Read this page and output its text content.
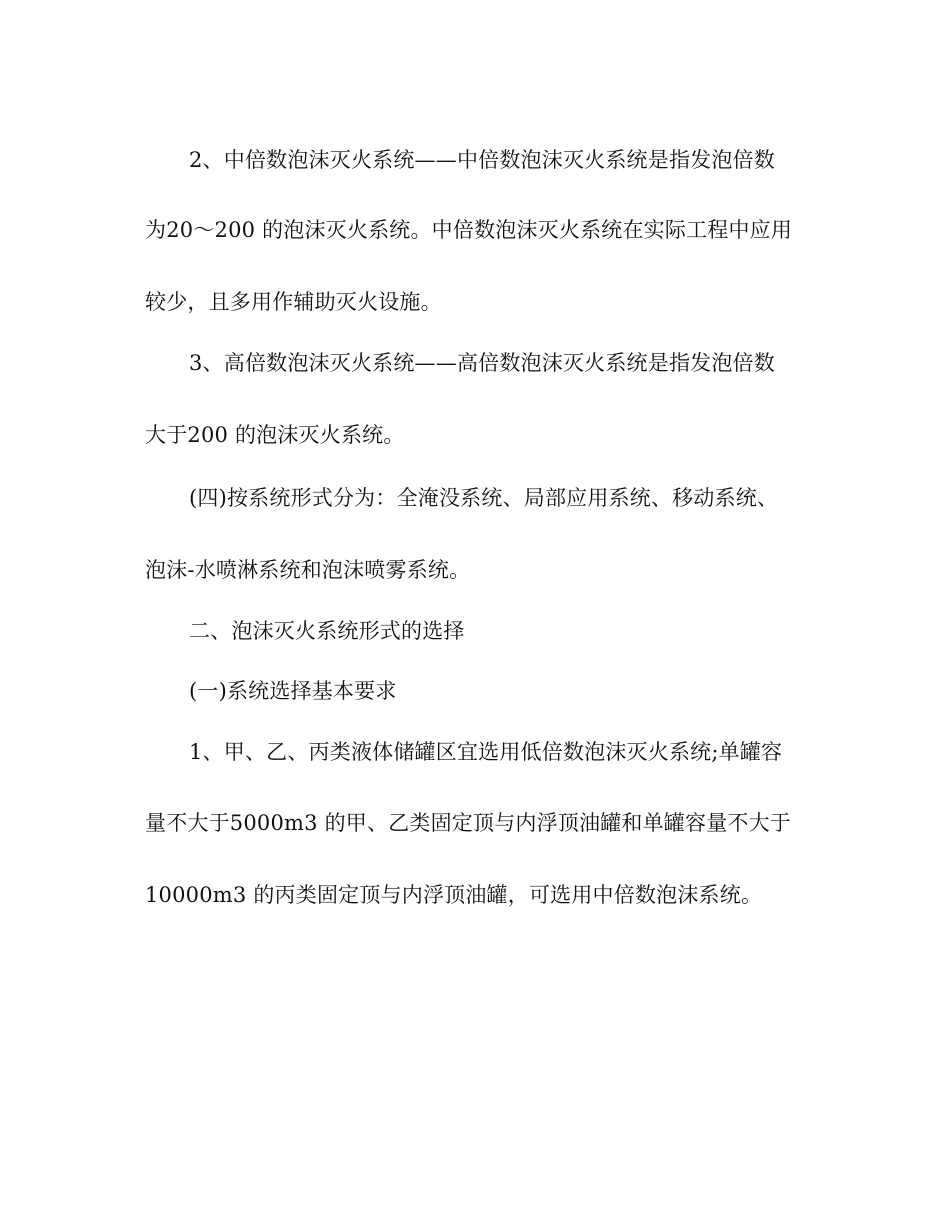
2、中倍数泡沫灭火系统——中倍数泡沫灭火系统是指发泡倍数
为20～200 的泡沫灭火系统。中倍数泡沫灭火系统在实际工程中应用
较少，且多用作辅助灭火设施。
3、高倍数泡沫灭火系统——高倍数泡沫灭火系统是指发泡倍数
大于200 的泡沫灭火系统。
(四)按系统形式分为：全淹没系统、局部应用系统、移动系统、
泡沫-水喷淋系统和泡沫喷雾系统。
二、泡沫灭火系统形式的选择
(一)系统选择基本要求
1、甲、乙、丙类液体储罐区宜选用低倍数泡沫灭火系统;单罐容
量不大于5000m3 的甲、乙类固定顶与内浮顶油罐和单罐容量不大于
10000m3 的丙类固定顶与内浮顶油罐，可选用中倍数泡沫系统。
